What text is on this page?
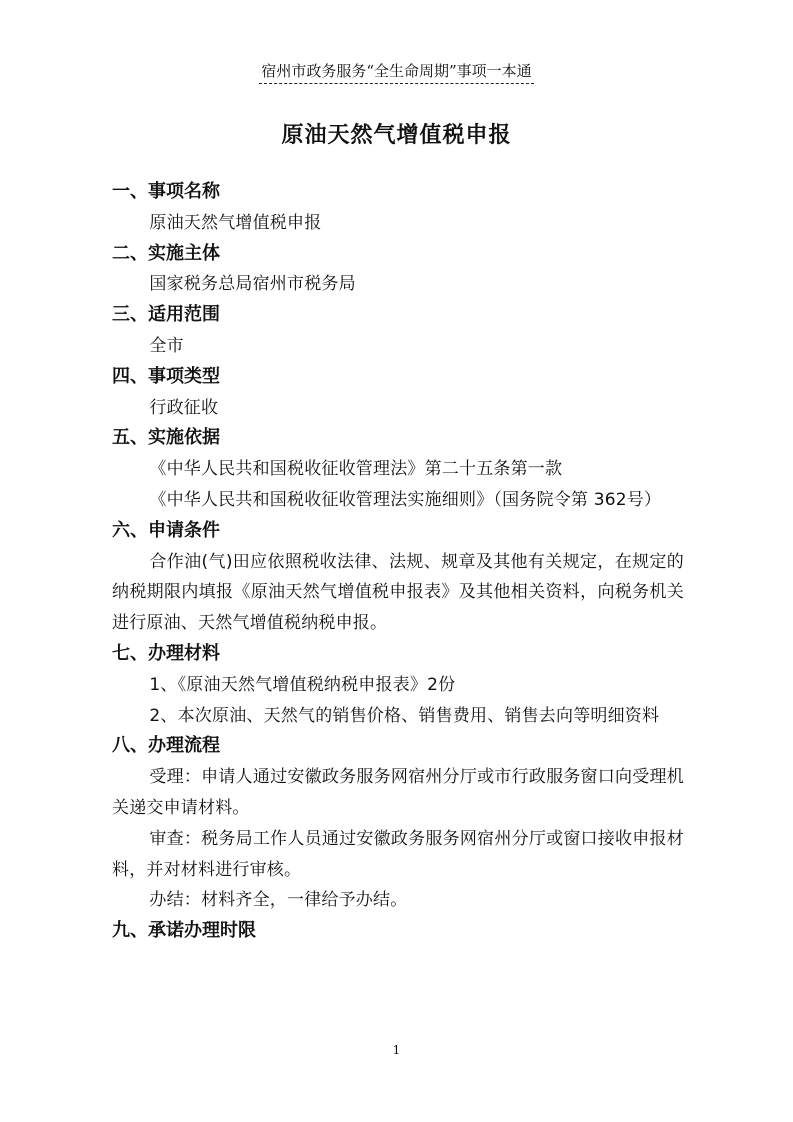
宿州市政务服务“全生命周期”事项一本通
原油天然气增值税申报
一、事项名称
原油天然气增值税申报
二、实施主体
国家税务总局宿州市税务局
三、适用范围
全市
四、事项类型
行政征收
五、实施依据
《中华人民共和国税收征收管理法》第二十五条第一款
《中华人民共和国税收征收管理法实施细则》（国务院令第 362号）
六、申请条件
合作油(气)田应依照税收法律、法规、规章及其他有关规定，在规定的纳税期限内填报《原油天然气增值税申报表》及其他相关资料，向税务机关进行原油、天然气增值税纳税申报。
七、办理材料
1、《原油天然气增值税纳税申报表》2份
2、本次原油、天然气的销售价格、销售费用、销售去向等明细资料
八、办理流程
受理：申请人通过安徽政务服务网宿州分厅或市行政服务窗口向受理机关递交申请材料。
审查：税务局工作人员通过安徽政务服务网宿州分厅或窗口接收申报材料，并对材料进行审核。
办结：材料齐全，一律给予办结。
九、承诺办理时限
1
